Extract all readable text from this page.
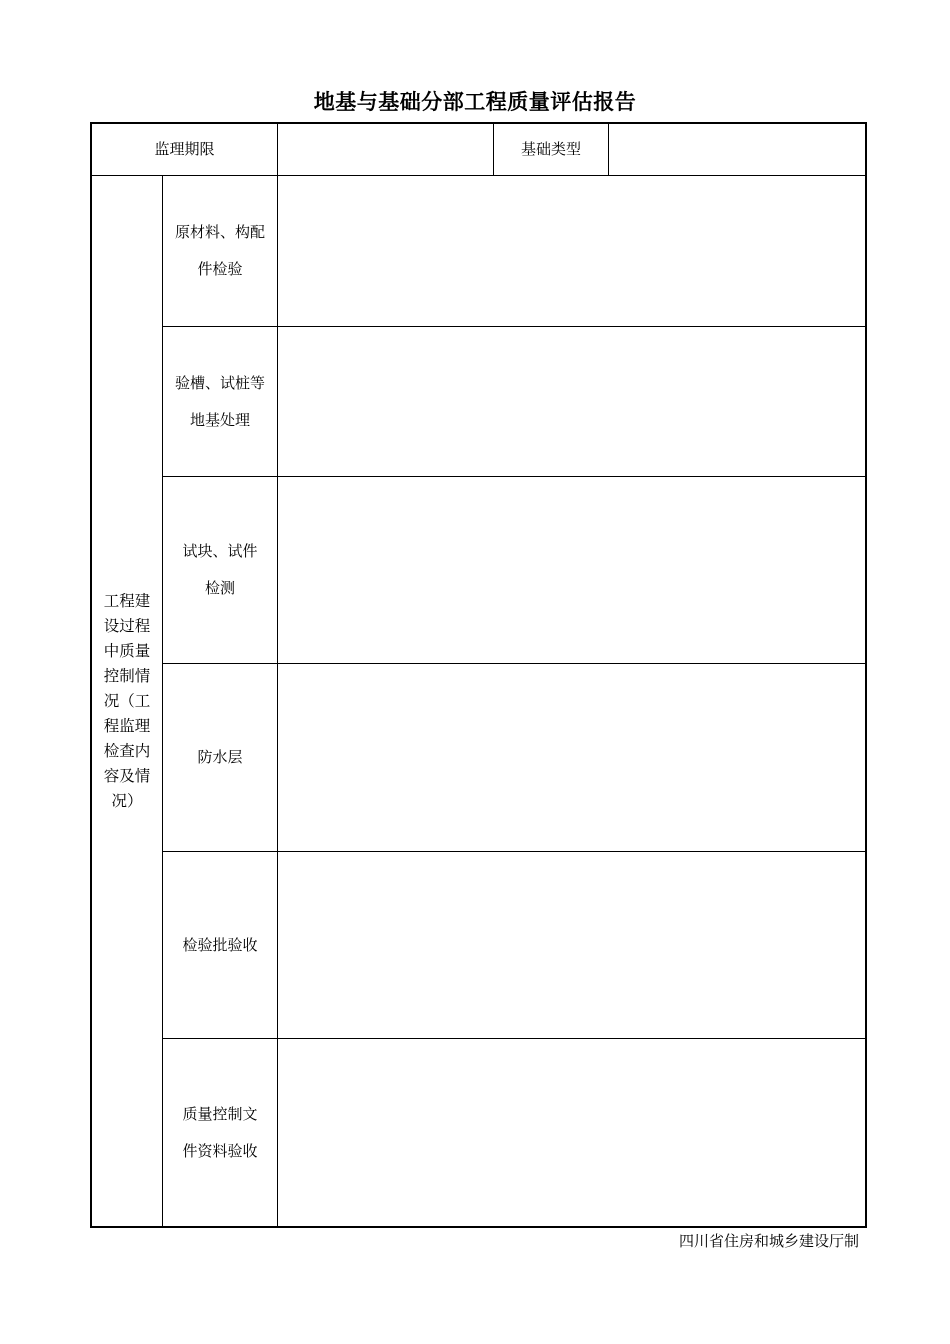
地基与基础分部工程质量评估报告
监理期限	基础类型
工程建
设过程
中质量
控制情
况（工
程监理
检查内
容及情
况）
原材料、构配
件检验
验槽、试桩等
地基处理
试块、试件
检测
防水层
检验批验收
质量控制文
件资料验收
四川省住房和城乡建设厅制
